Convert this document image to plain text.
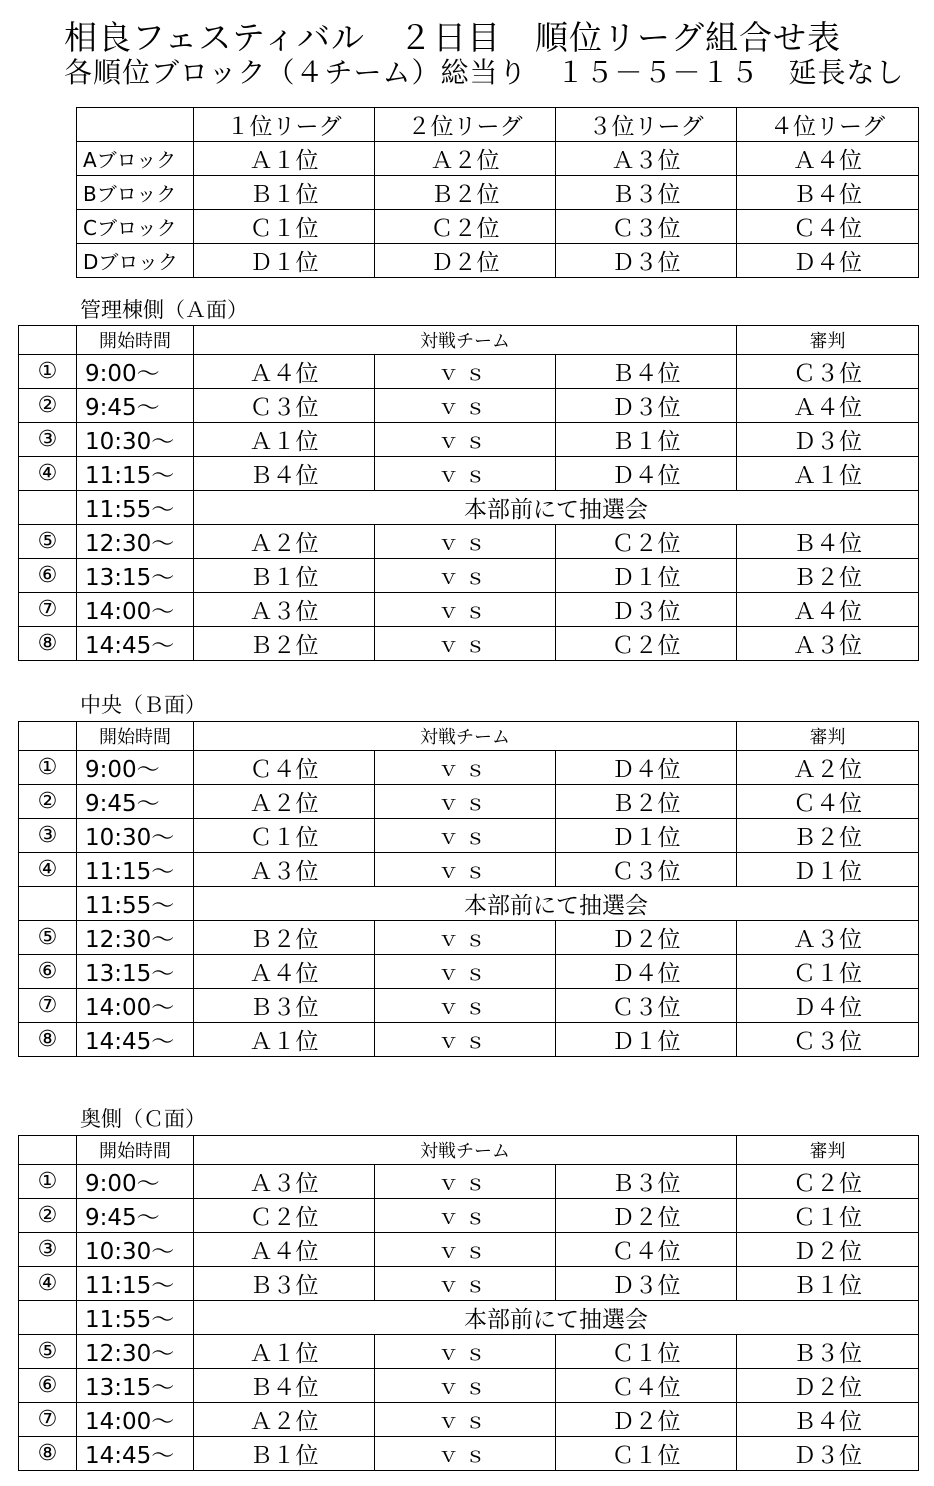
相良フェスティバル　２日目　順位リーグ組合せ表
各順位ブロック（４チーム）総当り　１５－５－１５　延長なし
	１位リーグ	２位リーグ	３位リーグ	４位リーグ
Aブロック	Ａ１位	Ａ２位	Ａ３位	Ａ４位
Bブロック	Ｂ１位	Ｂ２位	Ｂ３位	Ｂ４位
Cブロック	Ｃ１位	Ｃ２位	Ｃ３位	Ｃ４位
Dブロック	Ｄ１位	Ｄ２位	Ｄ３位	Ｄ４位
管理棟側（Ａ面）
	開始時間	対戦チーム			審判
①	9:00～	Ａ４位	ｖｓ	Ｂ４位	Ｃ３位
②	9:45～	Ｃ３位	ｖｓ	Ｄ３位	Ａ４位
③	10:30～	Ａ１位	ｖｓ	Ｂ１位	Ｄ３位
④	11:15～	Ｂ４位	ｖｓ	Ｄ４位	Ａ１位
	11:55～	本部前にて抽選会			
⑤	12:30～	Ａ２位	ｖｓ	Ｃ２位	Ｂ４位
⑥	13:15～	Ｂ１位	ｖｓ	Ｄ１位	Ｂ２位
⑦	14:00～	Ａ３位	ｖｓ	Ｄ３位	Ａ４位
⑧	14:45～	Ｂ２位	ｖｓ	Ｃ２位	Ａ３位
中央（Ｂ面）
	開始時間	対戦チーム			審判
①	9:00～	Ｃ４位	ｖｓ	Ｄ４位	Ａ２位
②	9:45～	Ａ２位	ｖｓ	Ｂ２位	Ｃ４位
③	10:30～	Ｃ１位	ｖｓ	Ｄ１位	Ｂ２位
④	11:15～	Ａ３位	ｖｓ	Ｃ３位	Ｄ１位
	11:55～	本部前にて抽選会			
⑤	12:30～	Ｂ２位	ｖｓ	Ｄ２位	Ａ３位
⑥	13:15～	Ａ４位	ｖｓ	Ｄ４位	Ｃ１位
⑦	14:00～	Ｂ３位	ｖｓ	Ｃ３位	Ｄ４位
⑧	14:45～	Ａ１位	ｖｓ	Ｄ１位	Ｃ３位
奥側（Ｃ面）
	開始時間	対戦チーム			審判
①	9:00～	Ａ３位	ｖｓ	Ｂ３位	Ｃ２位
②	9:45～	Ｃ２位	ｖｓ	Ｄ２位	Ｃ１位
③	10:30～	Ａ４位	ｖｓ	Ｃ４位	Ｄ２位
④	11:15～	Ｂ３位	ｖｓ	Ｄ３位	Ｂ１位
	11:55～	本部前にて抽選会			
⑤	12:30～	Ａ１位	ｖｓ	Ｃ１位	Ｂ３位
⑥	13:15～	Ｂ４位	ｖｓ	Ｃ４位	Ｄ２位
⑦	14:00～	Ａ２位	ｖｓ	Ｄ２位	Ｂ４位
⑧	14:45～	Ｂ１位	ｖｓ	Ｃ１位	Ｄ３位
